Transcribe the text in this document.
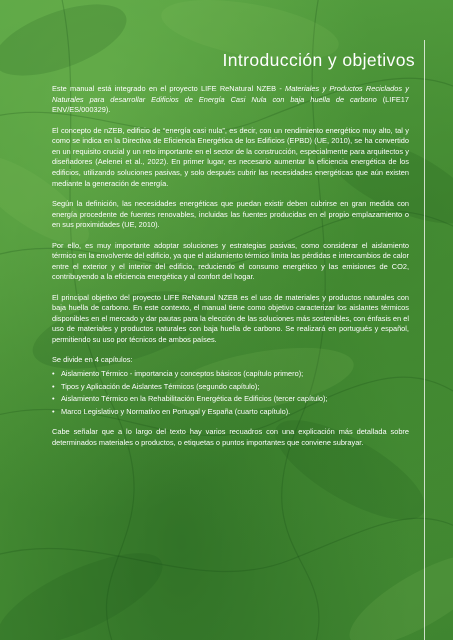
Introducción y objetivos

Este manual está integrado en el proyecto LIFE ReNatural NZEB - Materiales y Productos Reciclados y Naturales para desarrollar Edificios de Energía Casi Nula con baja huella de carbono (LIFE17 ENV/ES/000329).

El concepto de nZEB, edificio de “energía casi nula”, es decir, con un rendimiento energético muy alto, tal y como se indica en la Directiva de Eficiencia Energética de los Edificios (EPBD) (UE, 2010), se ha convertido en un requisito crucial y un reto importante en el sector de la construcción, especialmente para arquitectos y diseñadores (Aelenei et al., 2022). En primer lugar, es necesario aumentar la eficiencia energética de los edificios, utilizando soluciones pasivas, y solo después cubrir las necesidades energéticas que aún existen mediante la generación de energía.

Según la definición, las necesidades energéticas que puedan existir deben cubrirse en gran medida con energía procedente de fuentes renovables, incluidas las fuentes producidas en el propio emplazamiento o en sus proximidades (UE, 2010).

Por ello, es muy importante adoptar soluciones y estrategias pasivas, como considerar el aislamiento térmico en la envolvente del edificio, ya que el aislamiento térmico limita las pérdidas e intercambios de calor entre el exterior y el interior del edificio, reduciendo el consumo energético y las emisiones de CO2, contribuyendo a la eficiencia energética y al confort del hogar.

El principal objetivo del proyecto LIFE ReNatural NZEB es el uso de materiales y productos naturales con baja huella de carbono. En este contexto, el manual tiene como objetivo caracterizar los aislantes térmicos disponibles en el mercado y dar pautas para la elección de las soluciones más sostenibles, con énfasis en el uso de materiales y productos naturales con baja huella de carbono. Se realizará en portugués y español, permitiendo su uso por técnicos de ambos países.

Se divide en 4 capítulos:

• Aislamiento Térmico - importancia y conceptos básicos (capítulo primero);
• Tipos y Aplicación de Aislantes Térmicos (segundo capítulo);
• Aislamiento Térmico en la Rehabilitación Energética de Edificios (tercer capítulo);
• Marco Legislativo y Normativo en Portugal y España (cuarto capítulo).

Cabe señalar que a lo largo del texto hay varios recuadros con una explicación más detallada sobre determinados materiales o productos, o etiquetas o puntos importantes que conviene subrayar.
